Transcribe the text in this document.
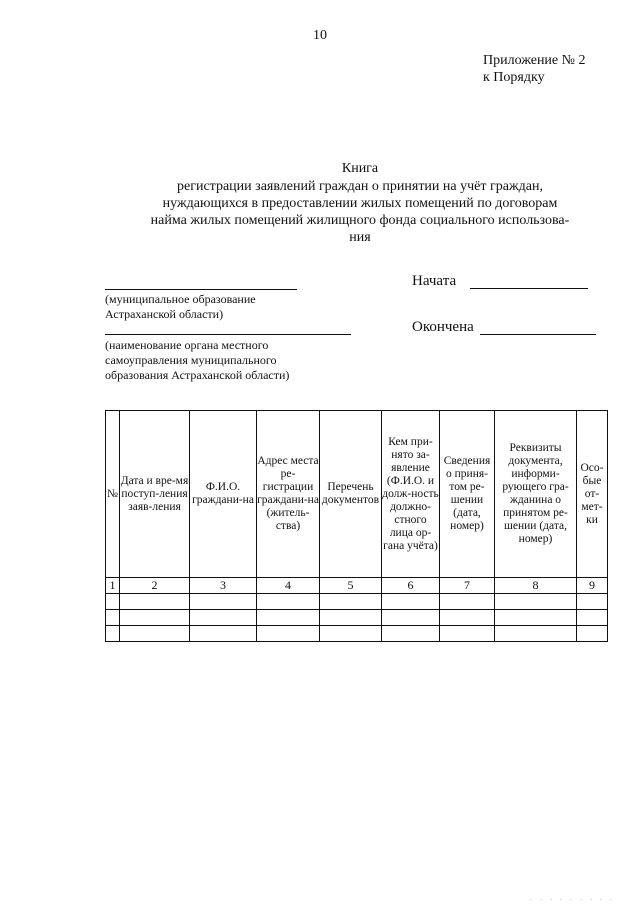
10
Приложение № 2
к Порядку
Книга
регистрации заявлений граждан о принятии на учёт граждан,
нуждающихся в предоставлении жилых помещений по договорам
найма жилых помещений жилищного фонда социального использова-
ния
(муниципальное образование
Астраханской области)
(наименование органа местного
самоуправления муниципального
образования Астраханской области)
Начата
Окончена
№	Дата и вре-мя поступ-ления заяв-ления	Ф.И.О. граждани-на	Адрес места ре-гистрации граждани-на (житель-ства)	Перечень документов	Кем при-нято за-явление (Ф.И.О. и долж-ность должно-стного лица ор-гана учёта)	Сведения о приня-том ре-шении (дата, номер)	Реквизиты документа, информи-рующего гра-жданина о принятом ре-шении (дата, номер)	Осо-бые от-мет-ки
1	2	3	4	5	6	7	8	9

. . . . . . . . .
